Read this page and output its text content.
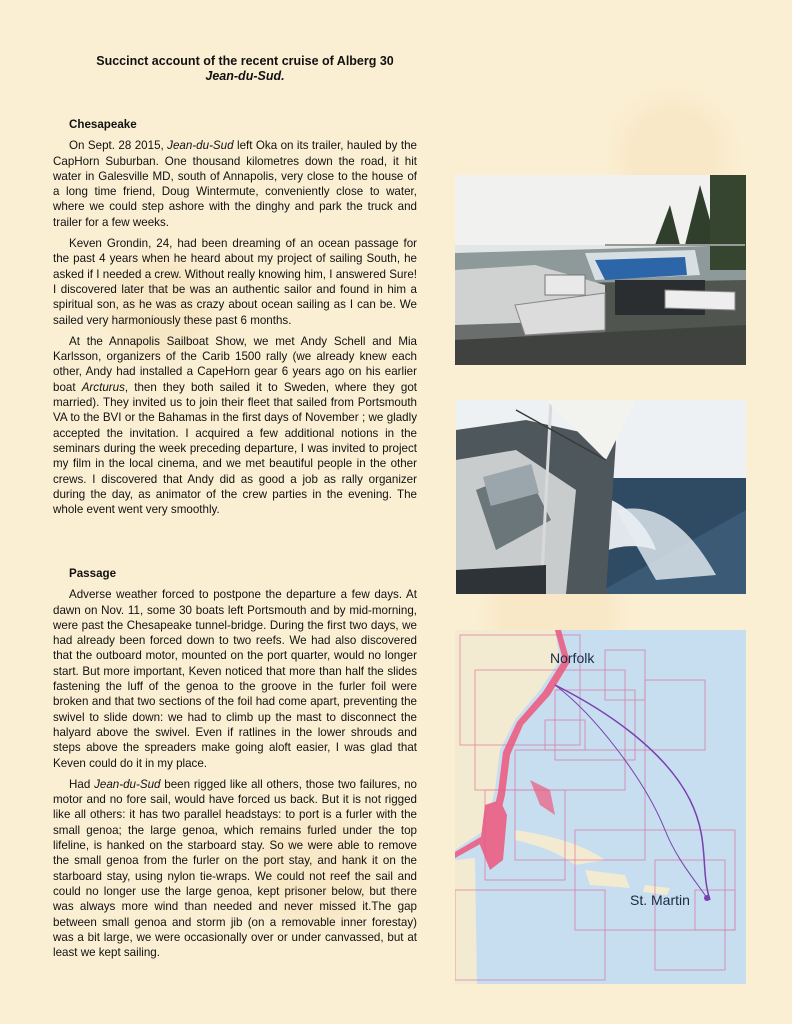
Succinct account of the recent cruise of Alberg 30
Jean-du-Sud.
Chesapeake

On Sept. 28 2015, Jean-du-Sud left Oka on its trailer, hauled by the CapHorn Suburban. One thousand kilometres down the road, it hit water in Galesville MD, south of Annapolis, very close to the house of a long time friend, Doug Wintermute, conveniently close to water, where we could step ashore with the dinghy and park the truck and trailer for a few weeks.

Keven Grondin, 24, had been dreaming of an ocean passage for the past 4 years when he heard about my project of sailing South, he asked if I needed a crew. Without really knowing him, I answered Sure! I discovered later that be was an authentic sailor and found in him a spiritual son, as he was as crazy about ocean sailing as I can be. We sailed very harmoniously these past 6 months.

At the Annapolis Sailboat Show, we met Andy Schell and Mia Karlsson, organizers of the Carib 1500 rally (we already knew each other, Andy had installed a CapeHorn gear 6 years ago on his earlier boat Arcturus, then they both sailed it to Sweden, where they got married). They invited us to join their fleet that sailed from Portsmouth VA to the BVI or the Bahamas in the first days of November ; we gladly accepted the invitation. I acquired a few additional notions in the seminars during the week preceding departure, I was invited to project my film in the local cinema, and we met beautiful people in the other crews. I discovered that Andy did as good a job as rally organizer during the day, as animator of the crew parties in the evening. The whole event went very smoothly.

Passage

Adverse weather forced to postpone the departure a few days. At dawn on Nov. 11, some 30 boats left Portsmouth and by mid-morning, were past the Chesapeake tunnel-bridge. During the first two days, we had already been forced down to two reefs. We had also discovered that the outboard motor, mounted on the port quarter, would no longer start. But more important, Keven noticed that more than half the slides fastening the luff of the genoa to the groove in the furler foil were broken and that two sections of the foil had come apart, preventing the swivel to slide down: we had to climb up the mast to disconnect the halyard above the swivel. Even if ratlines in the lower shrouds and steps above the spreaders make going aloft easier, I was glad that Keven could do it in my place.

Had Jean-du-Sud been rigged like all others, those two failures, no motor and no fore sail, would have forced us back. But it is not rigged like all others: it has two parallel headstays: to port is a furler with the small genoa; the large genoa, which remains furled under the top lifeline, is hanked on the starboard stay. So we were able to remove the small genoa from the furler on the port stay, and hank it on the starboard stay, using nylon tie-wraps. We could not reef the sail and could no longer use the large genoa, kept prisoner below, but there was always more wind than needed and never missed it.The gap between small genoa and storm jib (on a removable inner forestay) was a bit large, we were occasionally over or under canvassed, but at least we kept sailing.

Norfolk
St. Martin
